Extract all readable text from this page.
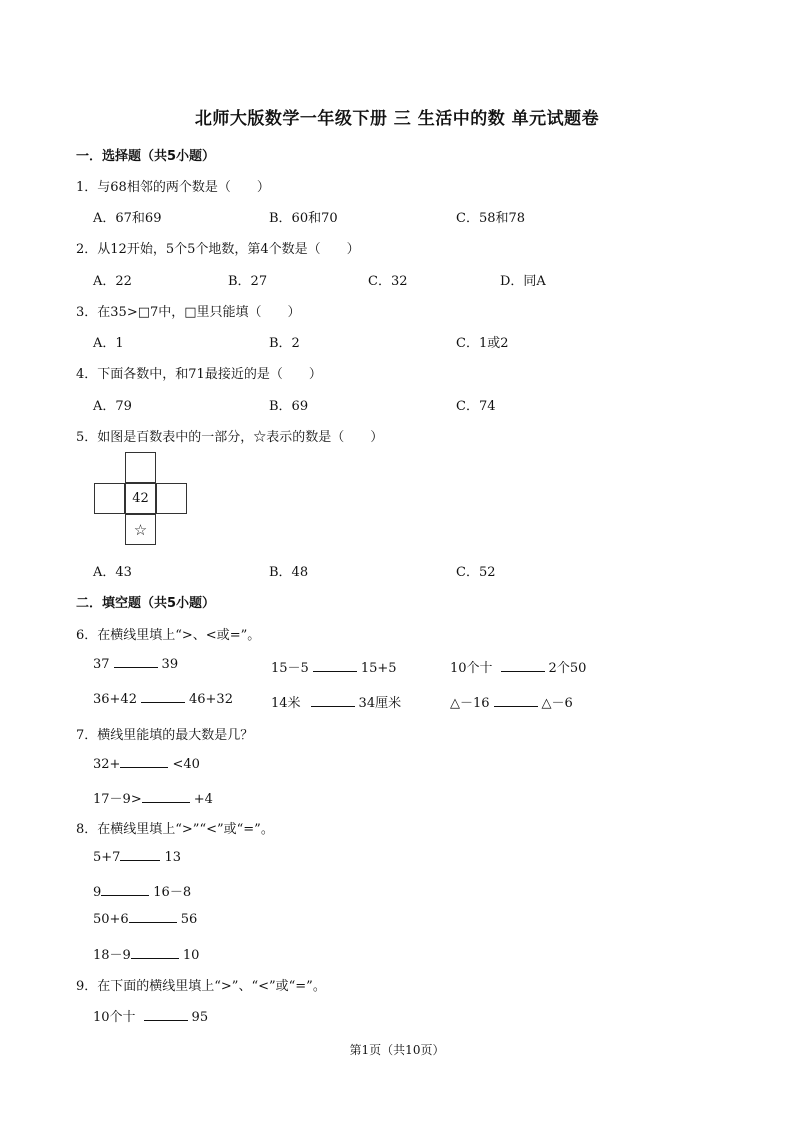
北师大版数学一年级下册 三 生活中的数 单元试题卷
一．选择题（共5小题）
1．与68相邻的两个数是（　　）
A．67和69	B．60和70	C．58和78
2．从12开始，5个5个地数，第4个数是（　　）
A．22	B．27	C．32	D．同A
3．在35>□7中，□里只能填（　　）
A．1	B．2	C．1或2
4．下面各数中，和71最接近的是（　　）
A．79	B．69	C．74
5．如图是百数表中的一部分，☆表示的数是（　　）
42
☆
A．43	B．48	C．52
二．填空题（共5小题）
6．在横线里填上“>、<或=”。
37	39	15－5	15+5	10个十	2个50
36+42	46+32	14米	34厘米	△－16	△－6
7．横线里能填的最大数是几？
32+	<40
17－9>	+4
8．在横线里填上“>”“<”或“=”。
5+7	13
9	16－8
50+6	56
18－9	10
9．在下面的横线里填上“>”、“<”或“=”。
10个十	95
第1页（共10页）
